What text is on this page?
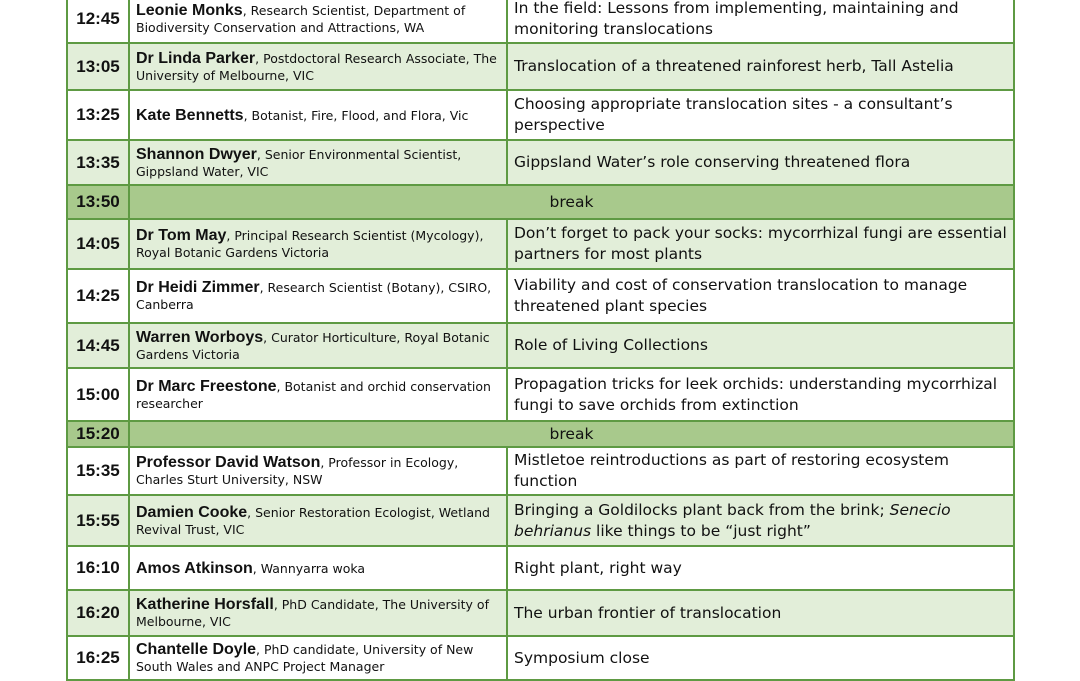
12:45	Leonie Monks, Research Scientist, Department of Biodiversity Conservation and Attractions, WA	In the field: Lessons from implementing, maintaining and monitoring translocations
13:05	Dr Linda Parker, Postdoctoral Research Associate, The University of Melbourne, VIC	Translocation of a threatened rainforest herb, Tall Astelia
13:25	Kate Bennetts, Botanist, Fire, Flood, and Flora, Vic	Choosing appropriate translocation sites - a consultant’s perspective
13:35	Shannon Dwyer, Senior Environmental Scientist, Gippsland Water, VIC	Gippsland Water’s role conserving threatened flora
13:50	break	
14:05	Dr Tom May, Principal Research Scientist (Mycology), Royal Botanic Gardens Victoria	Don’t forget to pack your socks: mycorrhizal fungi are essential partners for most plants
14:25	Dr Heidi Zimmer, Research Scientist (Botany), CSIRO, Canberra	Viability and cost of conservation translocation to manage threatened plant species
14:45	Warren Worboys, Curator Horticulture, Royal Botanic Gardens Victoria	Role of Living Collections
15:00	Dr Marc Freestone, Botanist and orchid conservation researcher	Propagation tricks for leek orchids: understanding mycorrhizal fungi to save orchids from extinction
15:20	break	
15:35	Professor David Watson, Professor in Ecology, Charles Sturt University, NSW	Mistletoe reintroductions as part of restoring ecosystem function
15:55	Damien Cooke, Senior Restoration Ecologist, Wetland Revival Trust, VIC	Bringing a Goldilocks plant back from the brink; Senecio behrianus like things to be “just right”
16:10	Amos Atkinson, Wannyarra woka	Right plant, right way
16:20	Katherine Horsfall, PhD Candidate, The University of Melbourne, VIC	The urban frontier of translocation
16:25	Chantelle Doyle, PhD candidate, University of New South Wales and ANPC Project Manager	Symposium close
